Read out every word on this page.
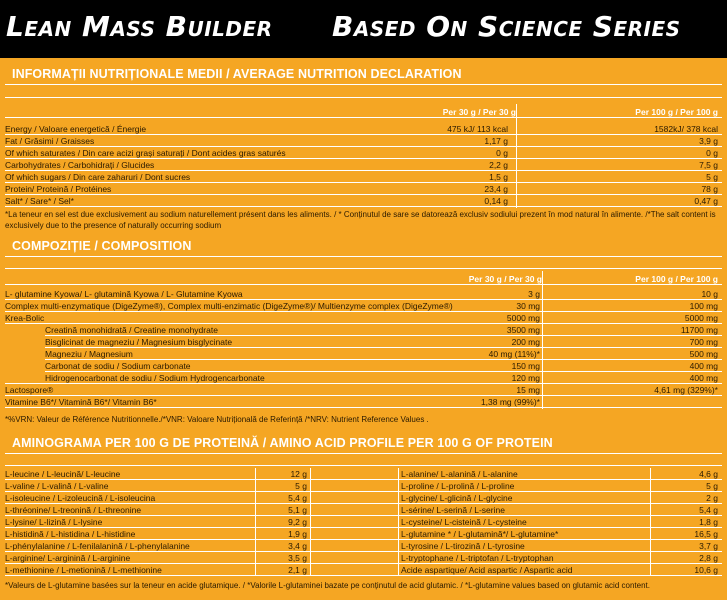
Lean Mass Builder Based On Science Series
INFORMAȚII NUTRIȚIONALE MEDII / AVERAGE NUTRITION DECLARATION
Per 30 g / Per 30 g	Per 100 g / Per 100 g
Energy / Valoare energetică / Énergie	475 kJ/ 113 kcal	1582kJ/ 378 kcal
Fat / Grăsimi / Graisses	1,17 g	3,9 g
Of which saturates / Din care acizi grași saturați / Dont acides gras saturés	0 g	0 g
Carbohydrates / Carbohidrați / Glucides	2,2 g	7,5 g
Of which sugars / Din care zaharuri / Dont sucres	1,5 g	5 g
Protein/ Proteină / Protéines	23,4 g	78 g
Salt* / Sare* / Sel*	0,14 g	0,47 g
*La teneur en sel est due exclusivement au sodium naturellement présent dans les aliments. / * Conținutul de sare se datorează exclusiv sodiului prezent în mod natural în alimente. /*The salt content is exclusively due to the presence of naturally occurring sodium
COMPOZIȚIE / COMPOSITION
Per 30 g / Per 30 g	Per 100 g / Per 100 g
L- glutamine Kyowa/ L- glutamină Kyowa / L- Glutamine Kyowa	3 g	10 g
Complex multi-enzymatique (DigeZyme®), Complex multi-enzimatic (DigeZyme®)/ Multienzyme complex (DigeZyme®)	30 mg	100 mg
Krea-Bolic	5000 mg	5000 mg
Creatină monohidrată / Creatine monohydrate	3500 mg	11700 mg
Bisglicinat de magneziu / Magnesium bisglycinate	200 mg	700 mg
Magneziu / Magnesium	40 mg (11%)*	500 mg
Carbonat de sodiu / Sodium carbonate	150 mg	400 mg
Hidrogenocarbonat de sodiu / Sodium Hydrogencarbonate	120 mg	400 mg
Lactospore®	15 mg	4,61 mg (329%)*
Vitamine B6*/ Vitamină B6*/ Vitamin B6*	1,38 mg (99%)*
*%VRN: Valeur de Référence Nutritionnelle./*VNR: Valoare Nutrițională de Referință /*NRV: Nutrient Reference Values .
AMINOGRAMA PER 100 G DE PROTEINĂ / AMINO ACID PROFILE PER 100 G OF PROTEIN
L-leucine / L-leucină/ L-leucine	12 g	L-alanine/ L-alanină / L-alanine	4,6 g
L-valine / L-valină / L-valine	5 g	L-proline / L-prolină / L-proline	5 g
L-isoleucine / L-izoleucină / L-isoleucina	5,4 g	L-glycine/ L-glicină / L-glycine	2 g
L-thréonine/ L-treonină / L-threonine	5,1 g	L-sérine/ L-serină / L-serine	5,4 g
L-lysine/ L-lizină / L-lysine	9,2 g	L-cysteine/ L-cisteină / L-cysteine	1,8 g
L-histidină / L-histidina / L-histidine	1,9 g	L-glutamine * / L-glutamină*/ L-glutamine*	16,5 g
L-phénylalanine / L-fenilalanină / L-phenylalanine	3,4 g	L-tyrosine / L-tirozină / L-tyrosine	3,7 g
L-arginine/ L-arginină / L-arginine	3,5 g	L-tryptophane / L-triptofan / L-tryptophan	2,8 g
L-methionine / L-metionină / L-methionine	2,1 g	Acide aspartique/ Acid aspartic / Aspartic acid	10,6 g
*Valeurs de L-glutamine basées sur la teneur en acide glutamique. / *Valorile L-glutaminei bazate pe conținutul de acid glutamic. / *L-glutamine values based on glutamic acid content.
